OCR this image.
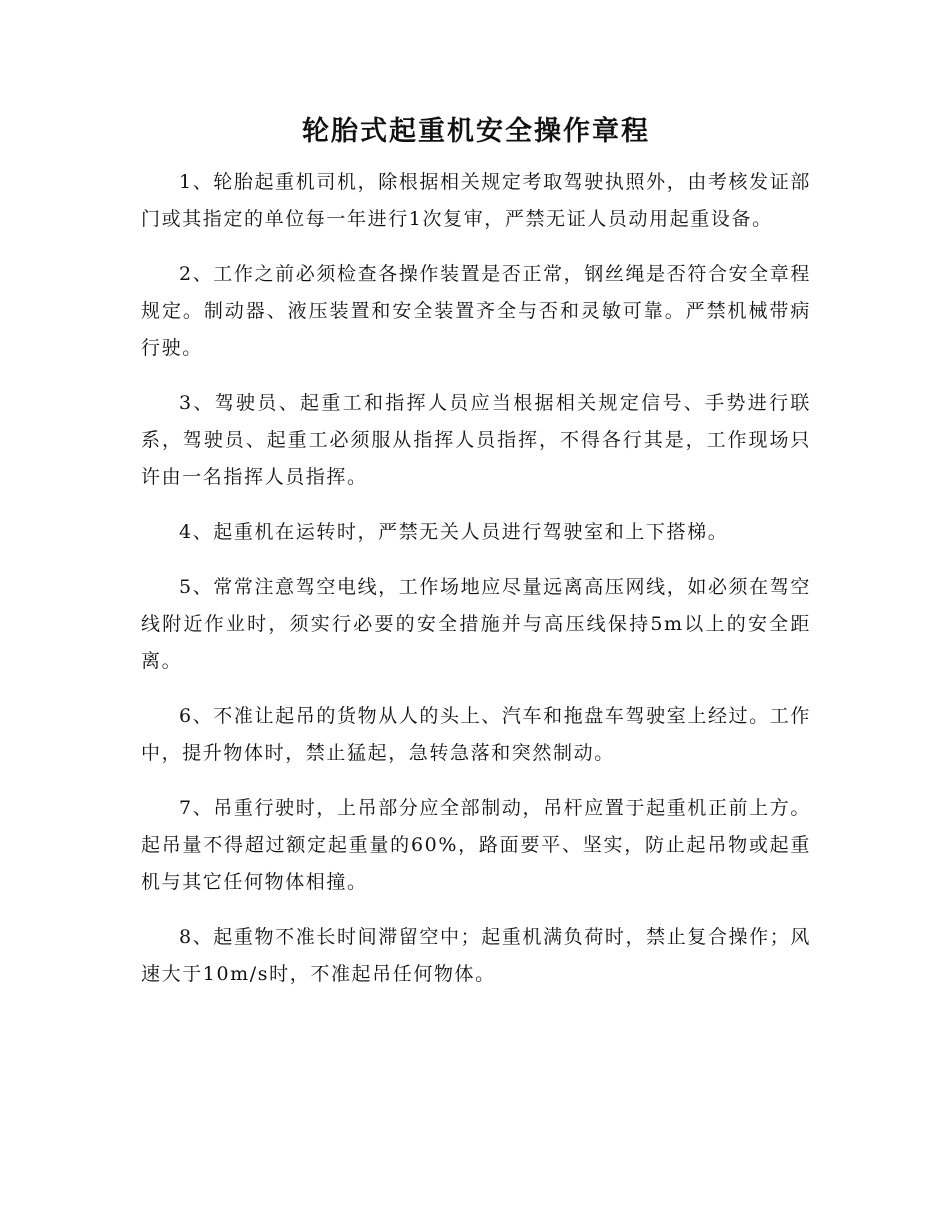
轮胎式起重机安全操作章程

1、轮胎起重机司机，除根据相关规定考取驾驶执照外，由考核发证部门或其指定的单位每一年进行1次复审，严禁无证人员动用起重设备。

2、工作之前必须检查各操作装置是否正常，钢丝绳是否符合安全章程规定。制动器、液压装置和安全装置齐全与否和灵敏可靠。严禁机械带病行驶。

3、驾驶员、起重工和指挥人员应当根据相关规定信号、手势进行联系，驾驶员、起重工必须服从指挥人员指挥，不得各行其是，工作现场只许由一名指挥人员指挥。

4、起重机在运转时，严禁无关人员进行驾驶室和上下搭梯。

5、常常注意驾空电线，工作场地应尽量远离高压网线，如必须在驾空线附近作业时，须实行必要的安全措施并与高压线保持5m以上的安全距离。

6、不准让起吊的货物从人的头上、汽车和拖盘车驾驶室上经过。工作中，提升物体时，禁止猛起，急转急落和突然制动。

7、吊重行驶时，上吊部分应全部制动，吊杆应置于起重机正前上方。起吊量不得超过额定起重量的60%，路面要平、坚实，防止起吊物或起重机与其它任何物体相撞。

8、起重物不准长时间滞留空中；起重机满负荷时，禁止复合操作；风速大于10m/s时，不准起吊任何物体。
